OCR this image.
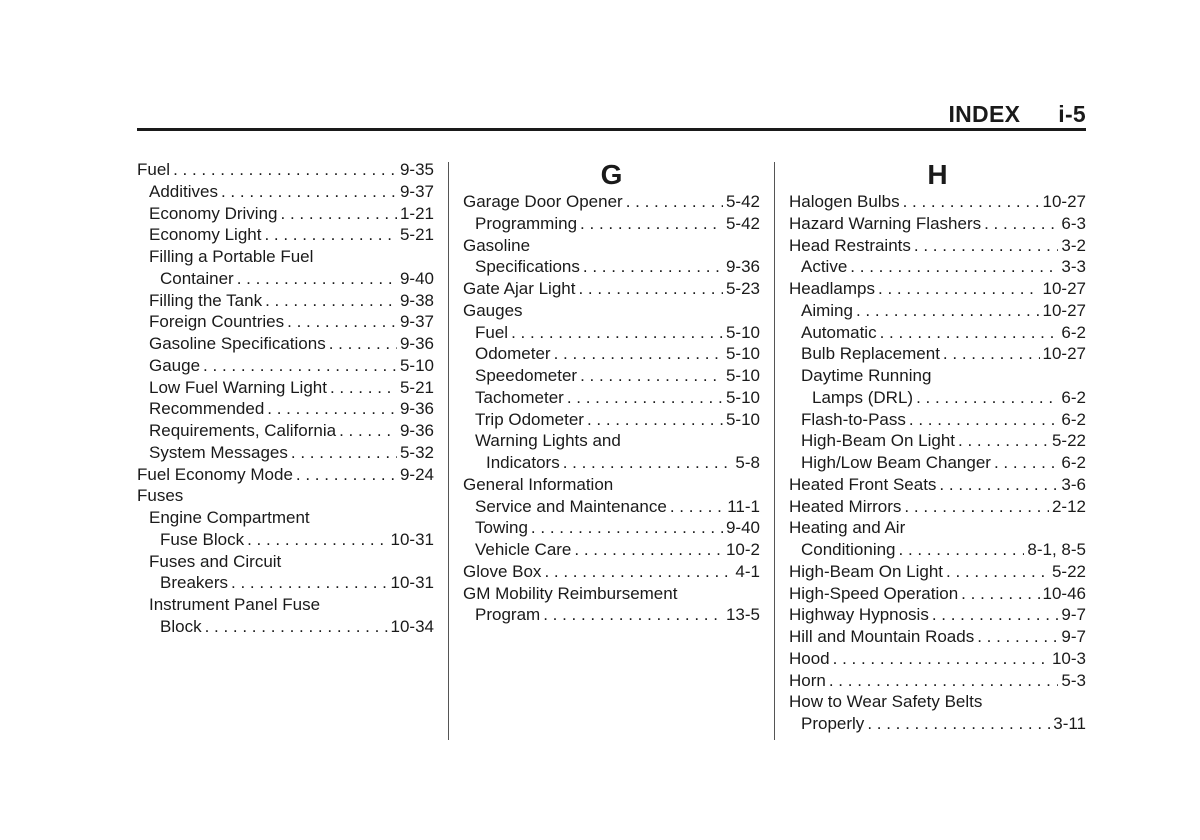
INDEX i-5
Fuel . . .	9-35
Additives . . .	9-37
Economy Driving . . .	1-21
Economy Light . . .	5-21
Filling a Portable Fuel
Container . . .	9-40
Filling the Tank . . .	9-38
Foreign Countries . . .	9-37
Gasoline Specifications . . .	9-36
Gauge . . .	5-10
Low Fuel Warning Light . . .	5-21
Recommended . . .	9-36
Requirements, California . . .	9-36
System Messages . . .	5-32
Fuel Economy Mode . . .	9-24
Fuses
Engine Compartment
Fuse Block . . .	10-31
Fuses and Circuit
Breakers . . .	10-31
Instrument Panel Fuse
Block . . .	10-34
G
Garage Door Opener . . .	5-42
Programming . . .	5-42
Gasoline
Specifications . . .	9-36
Gate Ajar Light . . .	5-23
Gauges
Fuel . . .	5-10
Odometer . . .	5-10
Speedometer . . .	5-10
Tachometer . . .	5-10
Trip Odometer . . .	5-10
Warning Lights and
Indicators . . .	5-8
General Information
Service and Maintenance . . .	11-1
Towing . . .	9-40
Vehicle Care . . .	10-2
Glove Box . . .	4-1
GM Mobility Reimbursement
Program . . .	13-5
H
Halogen Bulbs . . .	10-27
Hazard Warning Flashers . . .	6-3
Head Restraints . . .	3-2
Active . . .	3-3
Headlamps . . .	10-27
Aiming . . .	10-27
Automatic . . .	6-2
Bulb Replacement . . .	10-27
Daytime Running
Lamps (DRL) . . .	6-2
Flash-to-Pass . . .	6-2
High-Beam On Light . . .	5-22
High/Low Beam Changer . . .	6-2
Heated Front Seats . . .	3-6
Heated Mirrors . . .	2-12
Heating and Air
Conditioning . . .	8-1, 8-5
High-Beam On Light . . .	5-22
High-Speed Operation . . .	10-46
Highway Hypnosis . . .	9-7
Hill and Mountain Roads . . .	9-7
Hood . . .	10-3
Horn . . .	5-3
How to Wear Safety Belts
Properly . . .	3-11
